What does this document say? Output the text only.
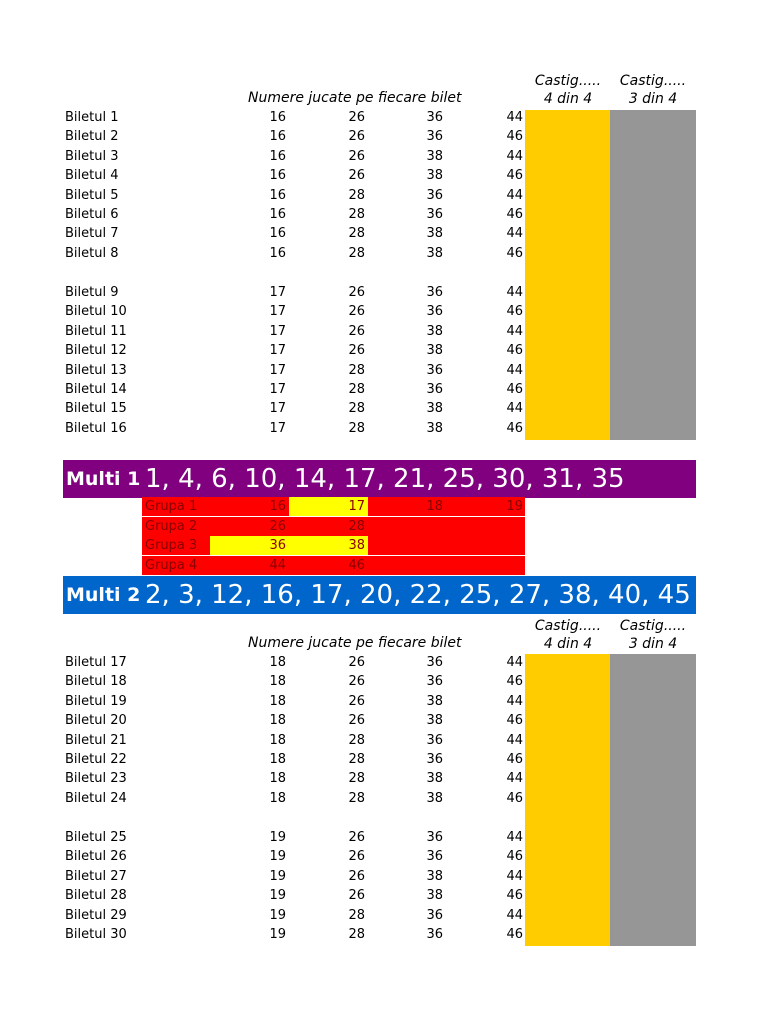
Castig.....
4 din 4
Castig.....
3 din 4
Numere jucate pe fiecare bilet
Biletul 1	16	26	36	44
Biletul 2	16	26	36	46
Biletul 3	16	26	38	44
Biletul 4	16	26	38	46
Biletul 5	16	28	36	44
Biletul 6	16	28	36	46
Biletul 7	16	28	38	44
Biletul 8	16	28	38	46
Biletul 9	17	26	36	44
Biletul 10	17	26	36	46
Biletul 11	17	26	38	44
Biletul 12	17	26	38	46
Biletul 13	17	28	36	44
Biletul 14	17	28	36	46
Biletul 15	17	28	38	44
Biletul 16	17	28	38	46
Multi 1 1, 4, 6, 10, 14, 17, 21, 25, 30, 31, 35
Grupa 1	16	17	18	19
Grupa 2	26	28
Grupa 3	36	38
Grupa 4	44	46
Multi 2 2, 3, 12, 16, 17, 20, 22, 25, 27, 38, 40, 45
Castig.....
4 din 4
Castig.....
3 din 4
Numere jucate pe fiecare bilet
Biletul 17	18	26	36	44
Biletul 18	18	26	36	46
Biletul 19	18	26	38	44
Biletul 20	18	26	38	46
Biletul 21	18	28	36	44
Biletul 22	18	28	36	46
Biletul 23	18	28	38	44
Biletul 24	18	28	38	46
Biletul 25	19	26	36	44
Biletul 26	19	26	36	46
Biletul 27	19	26	38	44
Biletul 28	19	26	38	46
Biletul 29	19	28	36	44
Biletul 30	19	28	36	46
